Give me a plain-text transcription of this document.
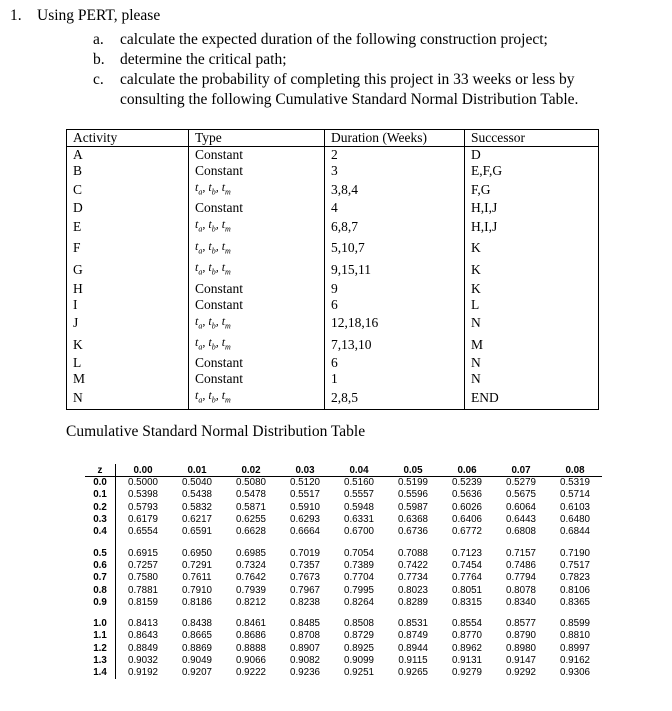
1. Using PERT, please
a. calculate the expected duration of the following construction project;
b. determine the critical path;
c. calculate the probability of completing this project in 33 weeks or less by
consulting the following Cumulative Standard Normal Distribution Table.
Activity	Type	Duration (Weeks)	Successor
A	Constant	2	D
B	Constant	3	E,F,G
C	$t_a$, $t_b$, $t_m$	3,8,4	F,G
D	Constant	4	H,I,J
E	$t_a$, $t_b$, $t_m$	6,8,7	H,I,J
F	$t_a$, $t_b$, $t_m$	5,10,7	K
G	$t_a$, $t_b$, $t_m$	9,15,11	K
H	Constant	9	K
I	Constant	6	L
J	$t_a$, $t_b$, $t_m$	12,18,16	N
K	$t_a$, $t_b$, $t_m$	7,13,10	M
L	Constant	6	N
M	Constant	1	N
N	$t_a$, $t_b$, $t_m$	2,8,5	END
Cumulative Standard Normal Distribution Table
z	0.00	0.01	0.02	0.03	0.04	0.05	0.06	0.07	0.08
0.0	0.5000	0.5040	0.5080	0.5120	0.5160	0.5199	0.5239	0.5279	0.5319
0.1	0.5398	0.5438	0.5478	0.5517	0.5557	0.5596	0.5636	0.5675	0.5714
0.2	0.5793	0.5832	0.5871	0.5910	0.5948	0.5987	0.6026	0.6064	0.6103
0.3	0.6179	0.6217	0.6255	0.6293	0.6331	0.6368	0.6406	0.6443	0.6480
0.4	0.6554	0.6591	0.6628	0.6664	0.6700	0.6736	0.6772	0.6808	0.6844

0.5	0.6915	0.6950	0.6985	0.7019	0.7054	0.7088	0.7123	0.7157	0.7190
0.6	0.7257	0.7291	0.7324	0.7357	0.7389	0.7422	0.7454	0.7486	0.7517
0.7	0.7580	0.7611	0.7642	0.7673	0.7704	0.7734	0.7764	0.7794	0.7823
0.8	0.7881	0.7910	0.7939	0.7967	0.7995	0.8023	0.8051	0.8078	0.8106
0.9	0.8159	0.8186	0.8212	0.8238	0.8264	0.8289	0.8315	0.8340	0.8365

1.0	0.8413	0.8438	0.8461	0.8485	0.8508	0.8531	0.8554	0.8577	0.8599
1.1	0.8643	0.8665	0.8686	0.8708	0.8729	0.8749	0.8770	0.8790	0.8810
1.2	0.8849	0.8869	0.8888	0.8907	0.8925	0.8944	0.8962	0.8980	0.8997
1.3	0.9032	0.9049	0.9066	0.9082	0.9099	0.9115	0.9131	0.9147	0.9162
1.4	0.9192	0.9207	0.9222	0.9236	0.9251	0.9265	0.9279	0.9292	0.9306
